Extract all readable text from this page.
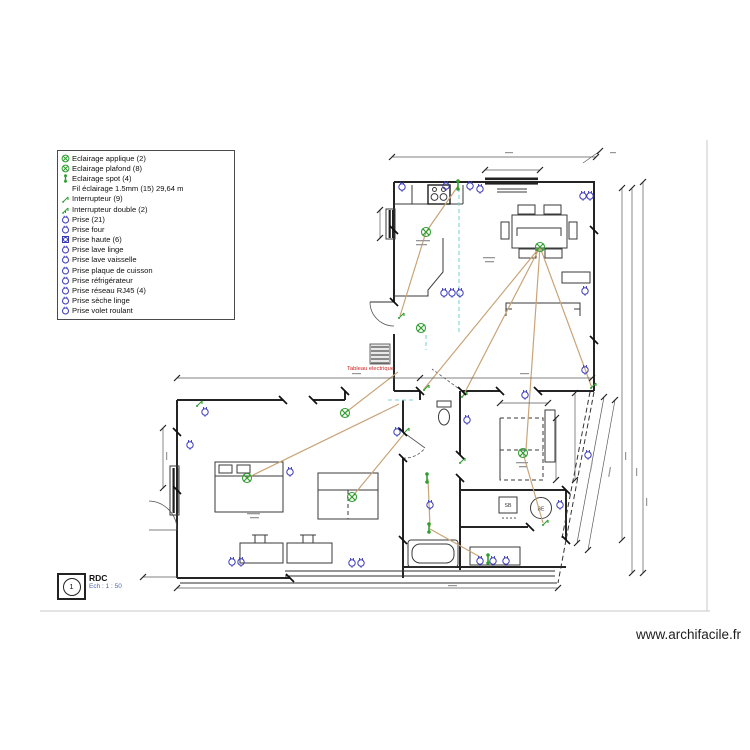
SB
BE
Tableau electrique
Eclairage applique (2)
Eclairage plafond (8)
Eclairage spot (4)
Fil éclairage 1.5mm (15) 29,64 m
Interrupteur (9)
Interrupteur double (2)
Prise (21)
Prise four
Prise haute (6)
Prise lave linge
Prise lave vaisselle
Prise plaque de cuisson
Prise réfrigérateur
Prise réseau RJ45 (4)
Prise sèche linge
Prise volet roulant
1
RDC
Ech : 1 : 50
www.archifacile.fr
